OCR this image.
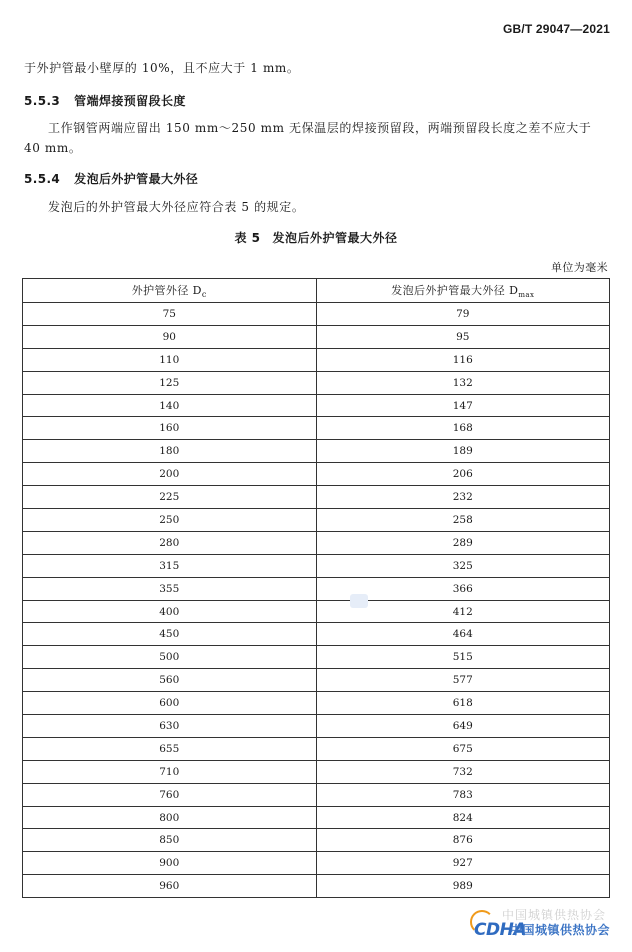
GB/T 29047—2021
于外护管最小壁厚的 10%，且不应大于 1 mm。
5.5.3 管端焊接预留段长度
工作钢管两端应留出 150 mm～250 mm 无保温层的焊接预留段，两端预留段长度之差不应大于
40 mm。
5.5.4 发泡后外护管最大外径
发泡后的外护管最大外径应符合表 5 的规定。
表 5 发泡后外护管最大外径
单位为毫米
外护管外径 $D_c$	发泡后外护管最大外径 $D_{max}$
75	79
90	95
110	116
125	132
140	147
160	168
180	189
200	206
225	232
250	258
280	289
315	325
355	366
400	412
450	464
500	515
560	577
600	618
630	649
655	675
710	732
760	783
800	824
850	876
900	927
960	989
中国城镇供热协会
CDHA
中国城镇供热协会
